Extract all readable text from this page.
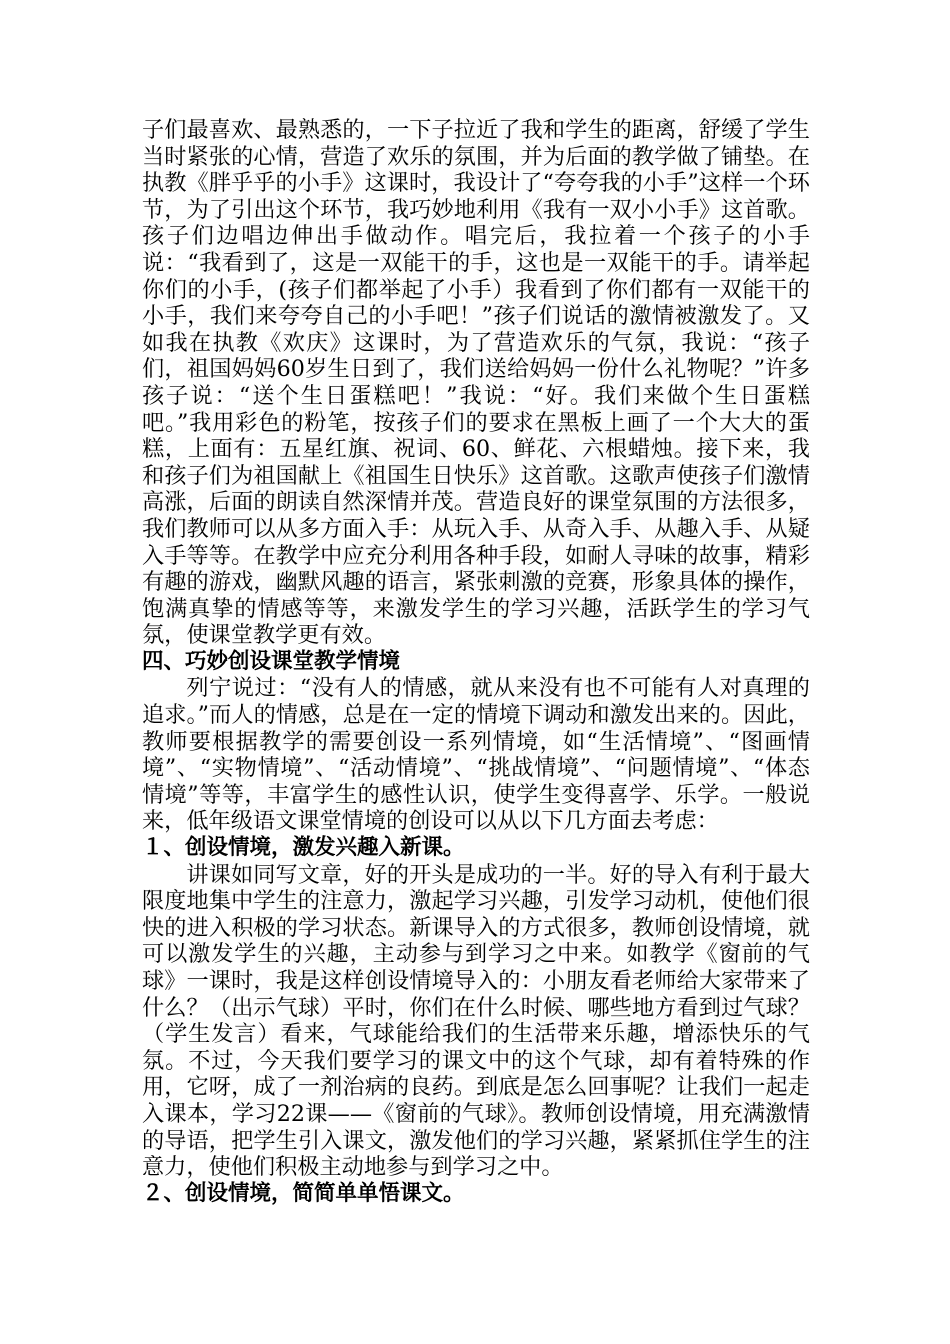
子们最喜欢、最熟悉的，一下子拉近了我和学生的距离，舒缓了学生当时紧张的心情，营造了欢乐的氛围，并为后面的教学做了铺垫。在执教《胖乎乎的小手》这课时，我设计了“夸夸我的小手”这样一个环节，为了引出这个环节，我巧妙地利用《我有一双小小手》这首歌。孩子们边唱边伸出手做动作。唱完后，我拉着一个孩子的小手说：“我看到了，这是一双能干的手，这也是一双能干的手。请举起你们的小手，(孩子们都举起了小手）我看到了你们都有一双能干的小手，我们来夸夸自己的小手吧！”孩子们说话的激情被激发了。又如我在执教《欢庆》这课时，为了营造欢乐的气氛，我说：“孩子们，祖国妈妈60岁生日到了，我们送给妈妈一份什么礼物呢？”许多孩子说：“送个生日蛋糕吧！”我说：“好。我们来做个生日蛋糕吧。”我用彩色的粉笔，按孩子们的要求在黑板上画了一个大大的蛋糕，上面有：五星红旗、祝词、60、鲜花、六根蜡烛。接下来，我和孩子们为祖国献上《祖国生日快乐》这首歌。这歌声使孩子们激情高涨，后面的朗读自然深情并茂。营造良好的课堂氛围的方法很多，我们教师可以从多方面入手：从玩入手、从奇入手、从趣入手、从疑入手等等。在教学中应充分利用各种手段，如耐人寻味的故事，精彩有趣的游戏，幽默风趣的语言，紧张刺激的竞赛，形象具体的操作，饱满真挚的情感等等，来激发学生的学习兴趣，活跃学生的学习气氛，使课堂教学更有效。

四、巧妙创设课堂教学情境

列宁说过：“没有人的情感，就从来没有也不可能有人对真理的追求。”而人的情感，总是在一定的情境下调动和激发出来的。因此，教师要根据教学的需要创设一系列情境，如“生活情境”、“图画情境”、“实物情境”、“活动情境”、“挑战情境”、“问题情境”、“体态情境”等等，丰富学生的感性认识，使学生变得喜学、乐学。一般说来，低年级语文课堂情境的创设可以从以下几方面去考虑：

１、创设情境，激发兴趣入新课。

讲课如同写文章，好的开头是成功的一半。好的导入有利于最大限度地集中学生的注意力，激起学习兴趣，引发学习动机，使他们很快的进入积极的学习状态。新课导入的方式很多，教师创设情境，就可以激发学生的兴趣，主动参与到学习之中来。如教学《窗前的气球》一课时，我是这样创设情境导入的：小朋友看老师给大家带来了什么？（出示气球）平时，你们在什么时候、哪些地方看到过气球？（学生发言）看来，气球能给我们的生活带来乐趣，增添快乐的气氛。不过，今天我们要学习的课文中的这个气球，却有着特殊的作用，它呀，成了一剂治病的良药。到底是怎么回事呢？让我们一起走入课本，学习22课——《窗前的气球》。教师创设情境，用充满激情的导语，把学生引入课文，激发他们的学习兴趣，紧紧抓住学生的注意力，使他们积极主动地参与到学习之中。

２、创设情境，简简单单悟课文。
